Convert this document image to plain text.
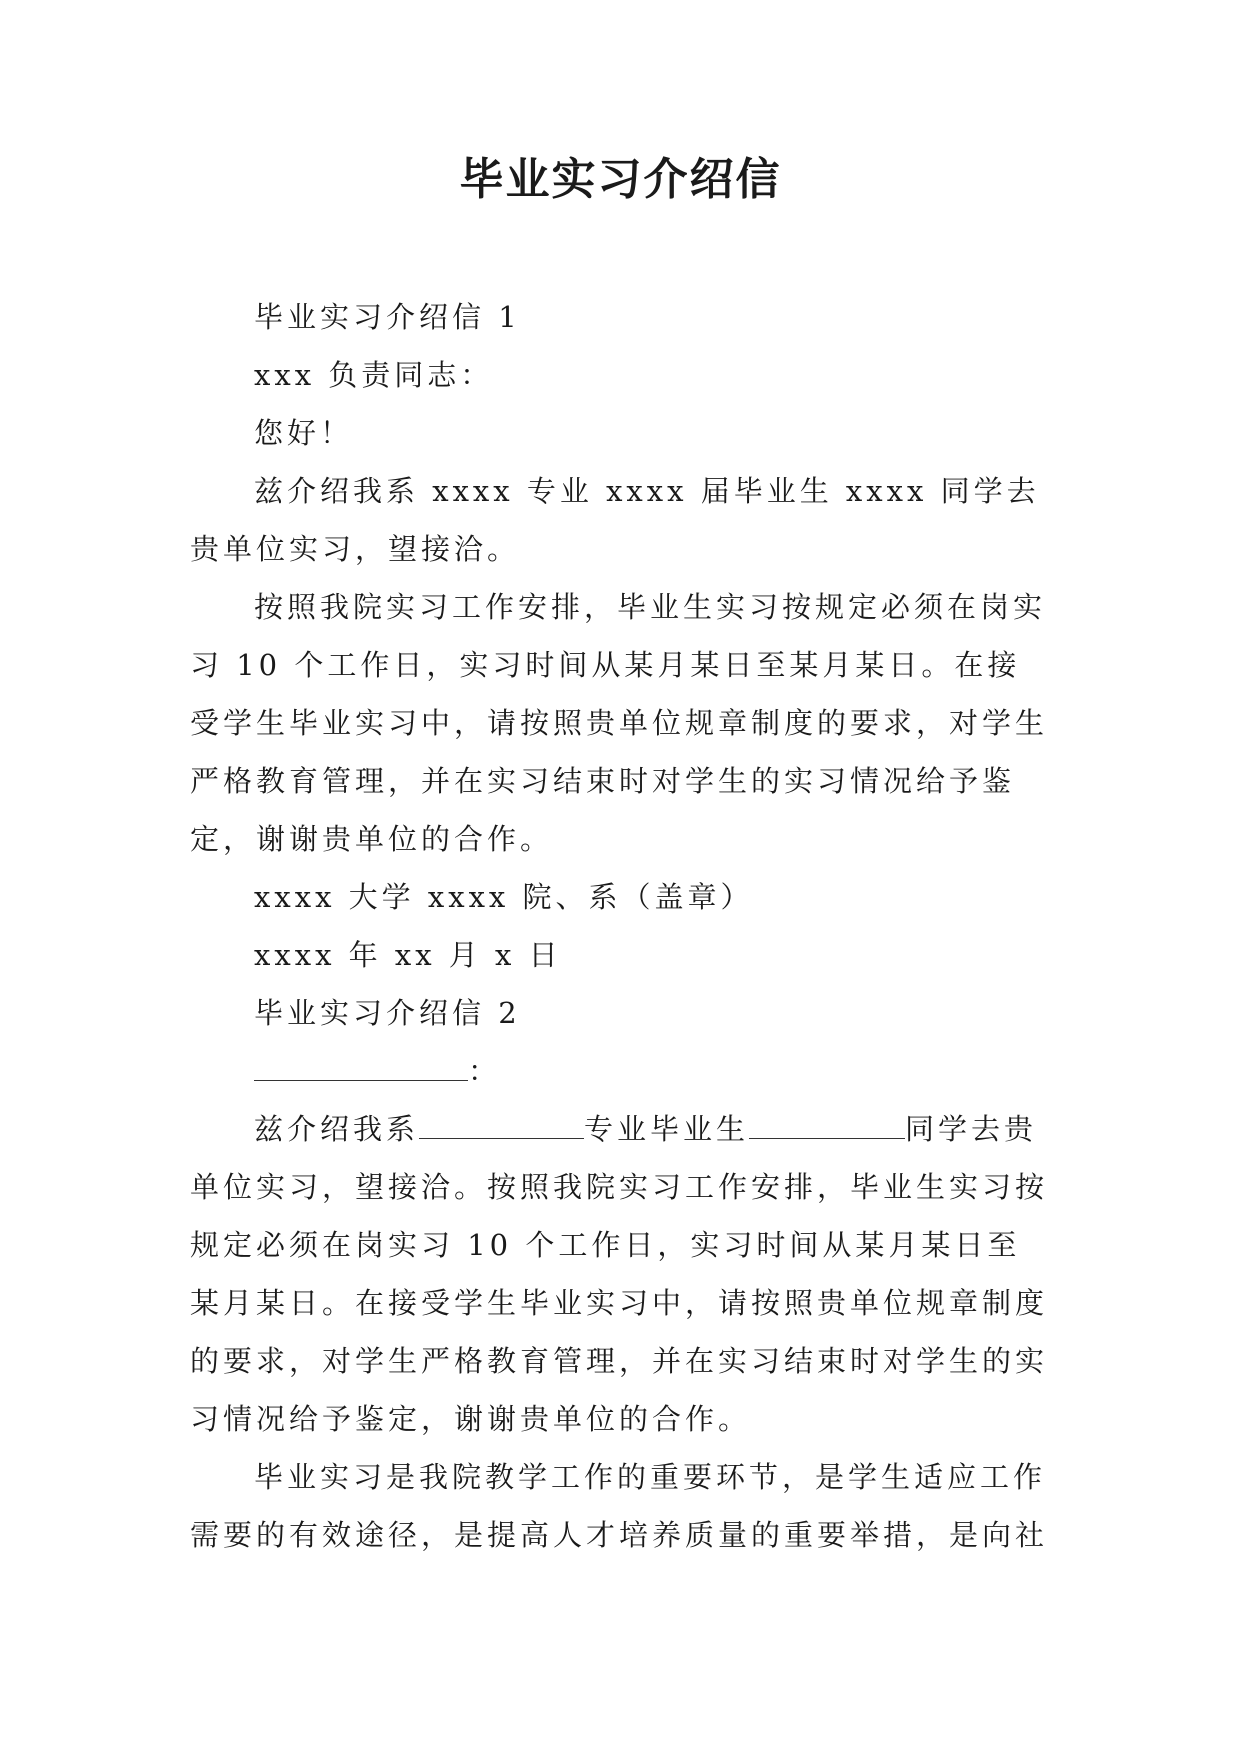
毕业实习介绍信

毕业实习介绍信 1

xxx 负责同志：

您好！

兹介绍我系 xxxx 专业 xxxx 届毕业生 xxxx 同学去贵单位实习，望接洽。

按照我院实习工作安排，毕业生实习按规定必须在岗实习 10 个工作日，实习时间从某月某日至某月某日。在接受学生毕业实习中，请按照贵单位规章制度的要求，对学生严格教育管理，并在实习结束时对学生的实习情况给予鉴定，谢谢贵单位的合作。

xxxx 大学 xxxx 院、系（盖章）

xxxx 年 xx 月 x 日

毕业实习介绍信 2

：

兹介绍我系	专业毕业生	同学去贵单位实习，望接洽。按照我院实习工作安排，毕业生实习按规定必须在岗实习 10 个工作日，实习时间从某月某日至某月某日。在接受学生毕业实习中，请按照贵单位规章制度的要求，对学生严格教育管理，并在实习结束时对学生的实习情况给予鉴定，谢谢贵单位的合作。

毕业实习是我院教学工作的重要环节，是学生适应工作需要的有效途径，是提高人才培养质量的重要举措，是向社
